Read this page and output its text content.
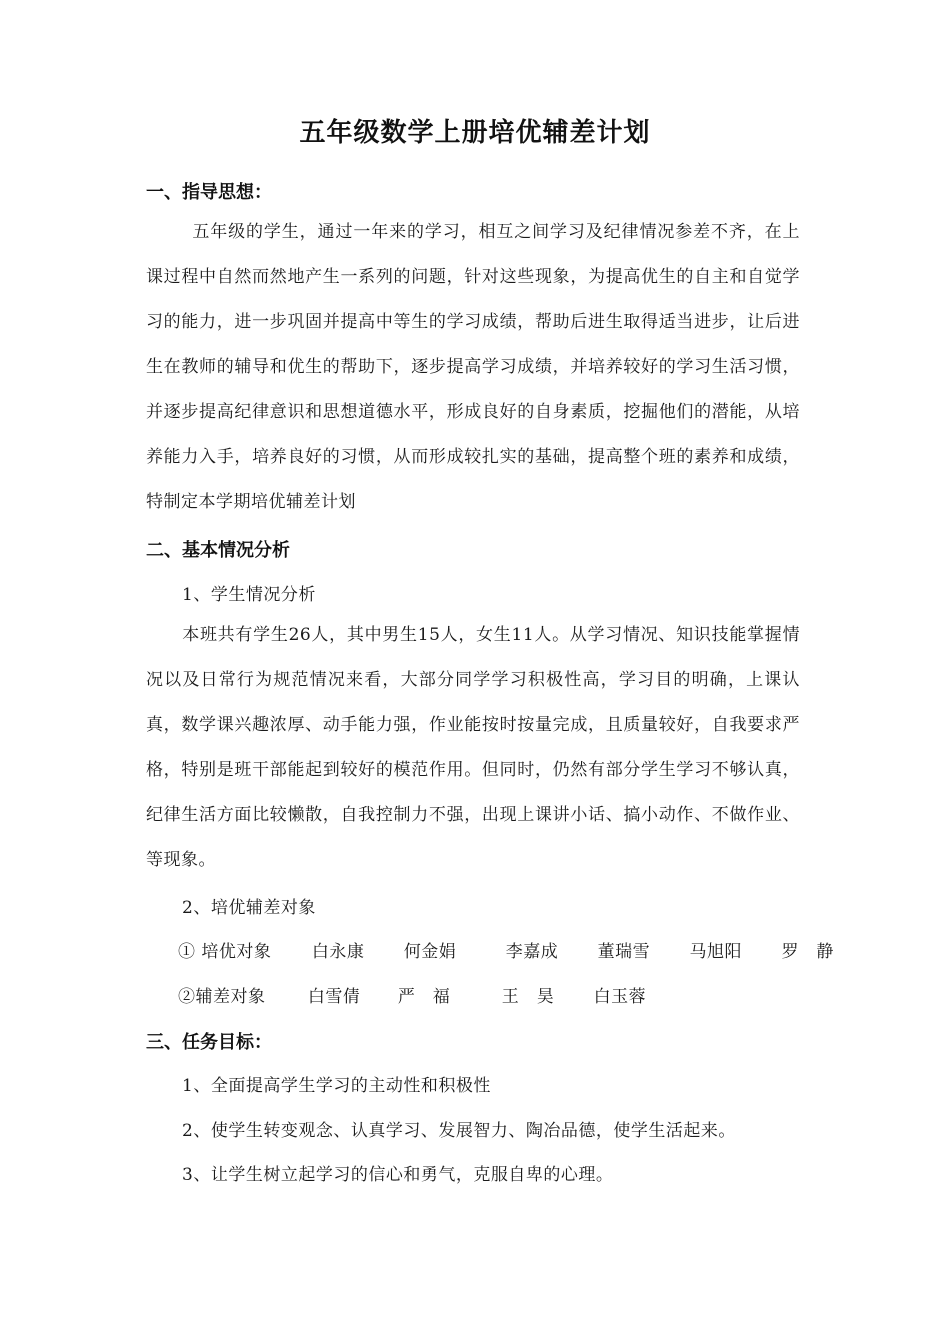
五年级数学上册培优辅差计划
一、指导思想：
五年级的学生，通过一年来的学习，相互之间学习及纪律情况参差不齐，在上课过程中自然而然地产生一系列的问题，针对这些现象，为提高优生的自主和自觉学习的能力，进一步巩固并提高中等生的学习成绩，帮助后进生取得适当进步，让后进生在教师的辅导和优生的帮助下，逐步提高学习成绩，并培养较好的学习生活习惯，并逐步提高纪律意识和思想道德水平，形成良好的自身素质，挖掘他们的潜能，从培养能力入手，培养良好的习惯，从而形成较扎实的基础，提高整个班的素养和成绩，特制定本学期培优辅差计划
二、基本情况分析
1、学生情况分析
本班共有学生26人，其中男生15人，女生11人。从学习情况、知识技能掌握情况以及日常行为规范情况来看，大部分同学学习积极性高，学习目的明确，上课认真，数学课兴趣浓厚、动手能力强，作业能按时按量完成，且质量较好，自我要求严格，特别是班干部能起到较好的模范作用。但同时，仍然有部分学生学习不够认真，纪律生活方面比较懒散，自我控制力不强，出现上课讲小话、搞小动作、不做作业、等现象。
2、培优辅差对象
① 培优对象 白永康 何金娟	李嘉成 董瑞雪 马旭阳 罗　静
②辅差对象 白雪倩 严　福	王　昊 白玉蓉
三、任务目标：
1、全面提高学生学习的主动性和积极性
2、使学生转变观念、认真学习、发展智力、陶冶品德，使学生活起来。
3、让学生树立起学习的信心和勇气，克服自卑的心理。
